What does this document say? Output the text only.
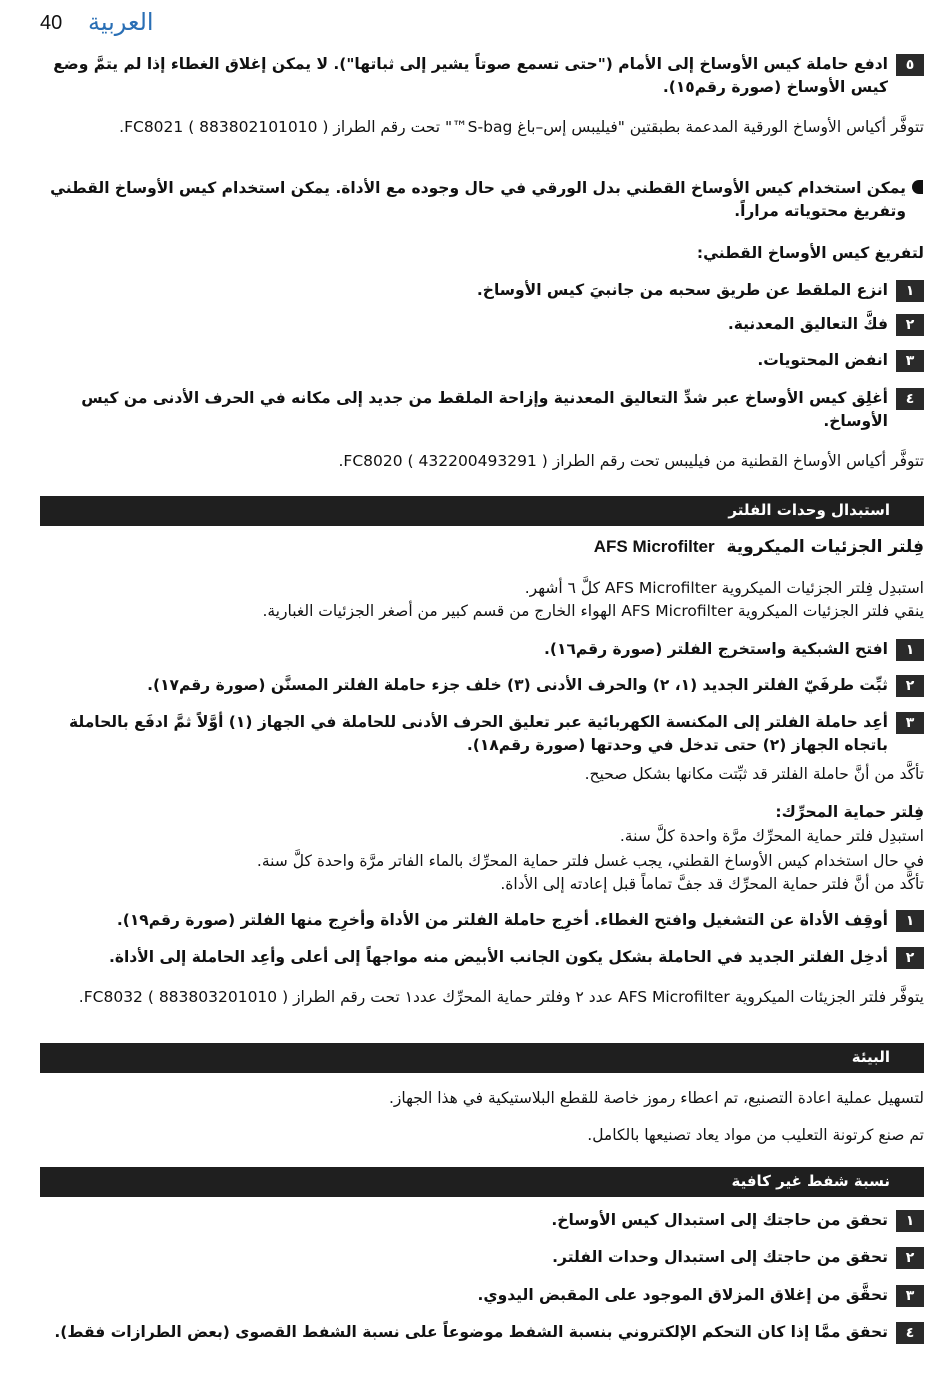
40 العربية
٥
ادفع حاملة كيس الأوساخ إلى الأمام ("حتى تسمع صوتاً يشير إلى ثباتها"). لا يمكن إغلاق الغطاء إذا لم يتمَّ وضع كيس الأوساخ (صورة رقم١٥).
تتوفَّر أكياس الأوساخ الورقية المدعمة بطبقتين "فيليبس إس–باغ S-bag™" تحت رقم الطراز FC8021 ( 883802101010 ).
يمكن استخدام كيس الأوساخ القطني بدل الورقي في حال وجوده مع الأداة. يمكن استخدام كيس الأوساخ القطني وتفريغ محتوياته مراراً.
لتفريغ كيس الأوساخ القطني:
١
انزع الملقط عن طريق سحبه من جانبيَ كيس الأوساخ.
٢
فكَّ التعاليق المعدنية.
٣
انفض المحتويات.
٤
أغلِق كيس الأوساخ عبر شدِّ التعاليق المعدنية وإزاحة الملقط من جديد إلى مكانه في الحرف الأدنى من كيس الأوساخ.
تتوفَّر أكياس الأوساخ القطنية من فيليبس تحت رقم الطراز FC8020 ( 432200493291 ).
استبدال وحدات الفلتر
فِلتر الجزئيات الميكروية  AFS Microfilter
استبدِل فِلتر الجزئيات الميكروية AFS Microfilter كلَّ ٦ أشهر.
ينقي فلتر الجزئيات الميكروية AFS Microfilter الهواء الخارج من قسم كبير من أصغر الجزئيات الغبارية.
١
افتح الشبكية واستخرج الفلتر (صورة رقم١٦).
٢
ثبِّت طرفَيّ الفلتر الجديد (١، ٢) والحرف الأدنى (٣) خلف جزء حاملة الفلتر المسنَّن (صورة رقم١٧).
٣
أعِد حاملة الفلتر إلى المكنسة الكهربائية عبر تعليق الحرف الأدنى للحاملة في الجهاز (١) أوَّلاً ثمَّ ادفَع بالحاملة باتجاه الجهاز (٢) حتى تدخل في وحدتها (صورة رقم١٨).
تأكَّد من أنَّ حاملة الفلتر قد ثبِّتت مكانها بشكل صحيح.
فِلتر حماية المحرِّك:
استبدِل فلتر حماية المحرِّك مرَّة واحدة كلَّ سنة.
في حال استخدام كيس الأوساخ القطني، يجب غسل فلتر حماية المحرِّك بالماء الفاتر مرَّة واحدة كلَّ سنة.
تأكَّد من أنَّ فلتر حماية المحرِّك قد جفَّ تماماً قبل إعادته إلى الأداة.
١
أوقِف الأداة عن التشغيل وافتح الغطاء. أخرِج حاملة الفلتر من الأداة وأخرِج منها الفلتر (صورة رقم١٩).
٢
أدخِل الفلتر الجديد في الحاملة بشكل يكون الجانب الأبيض منه مواجهاً إلى أعلى وأعِد الحاملة إلى الأداة.
يتوفَّر فلتر الجزيئات الميكروية AFS Microfilter عدد ٢ وفلتر حماية المحرِّك عدد١ تحت رقم الطراز FC8032 ( 883803201010 ).
البيئة
لتسهيل عملية اعادة التصنيع، تم اعطاء رموز خاصة للقطع البلاستيكية في هذا الجهاز.
تم صنع كرتونة التعليب من مواد يعاد تصنيعها بالكامل.
نسبة شفط غير كافية
١
تحقق من حاجتك إلى استبدال كيس الأوساخ.
٢
تحقق من حاجتك إلى استبدال وحدات الفلتر.
٣
تحقَّق من إغلاق المزلاق الموجود على المقبض اليدوي.
٤
تحقق ممَّا إذا كان التحكم الإلكتروني بنسبة الشفط موضوعاً على نسبة الشفط القصوى (بعض الطرازات فقط).
